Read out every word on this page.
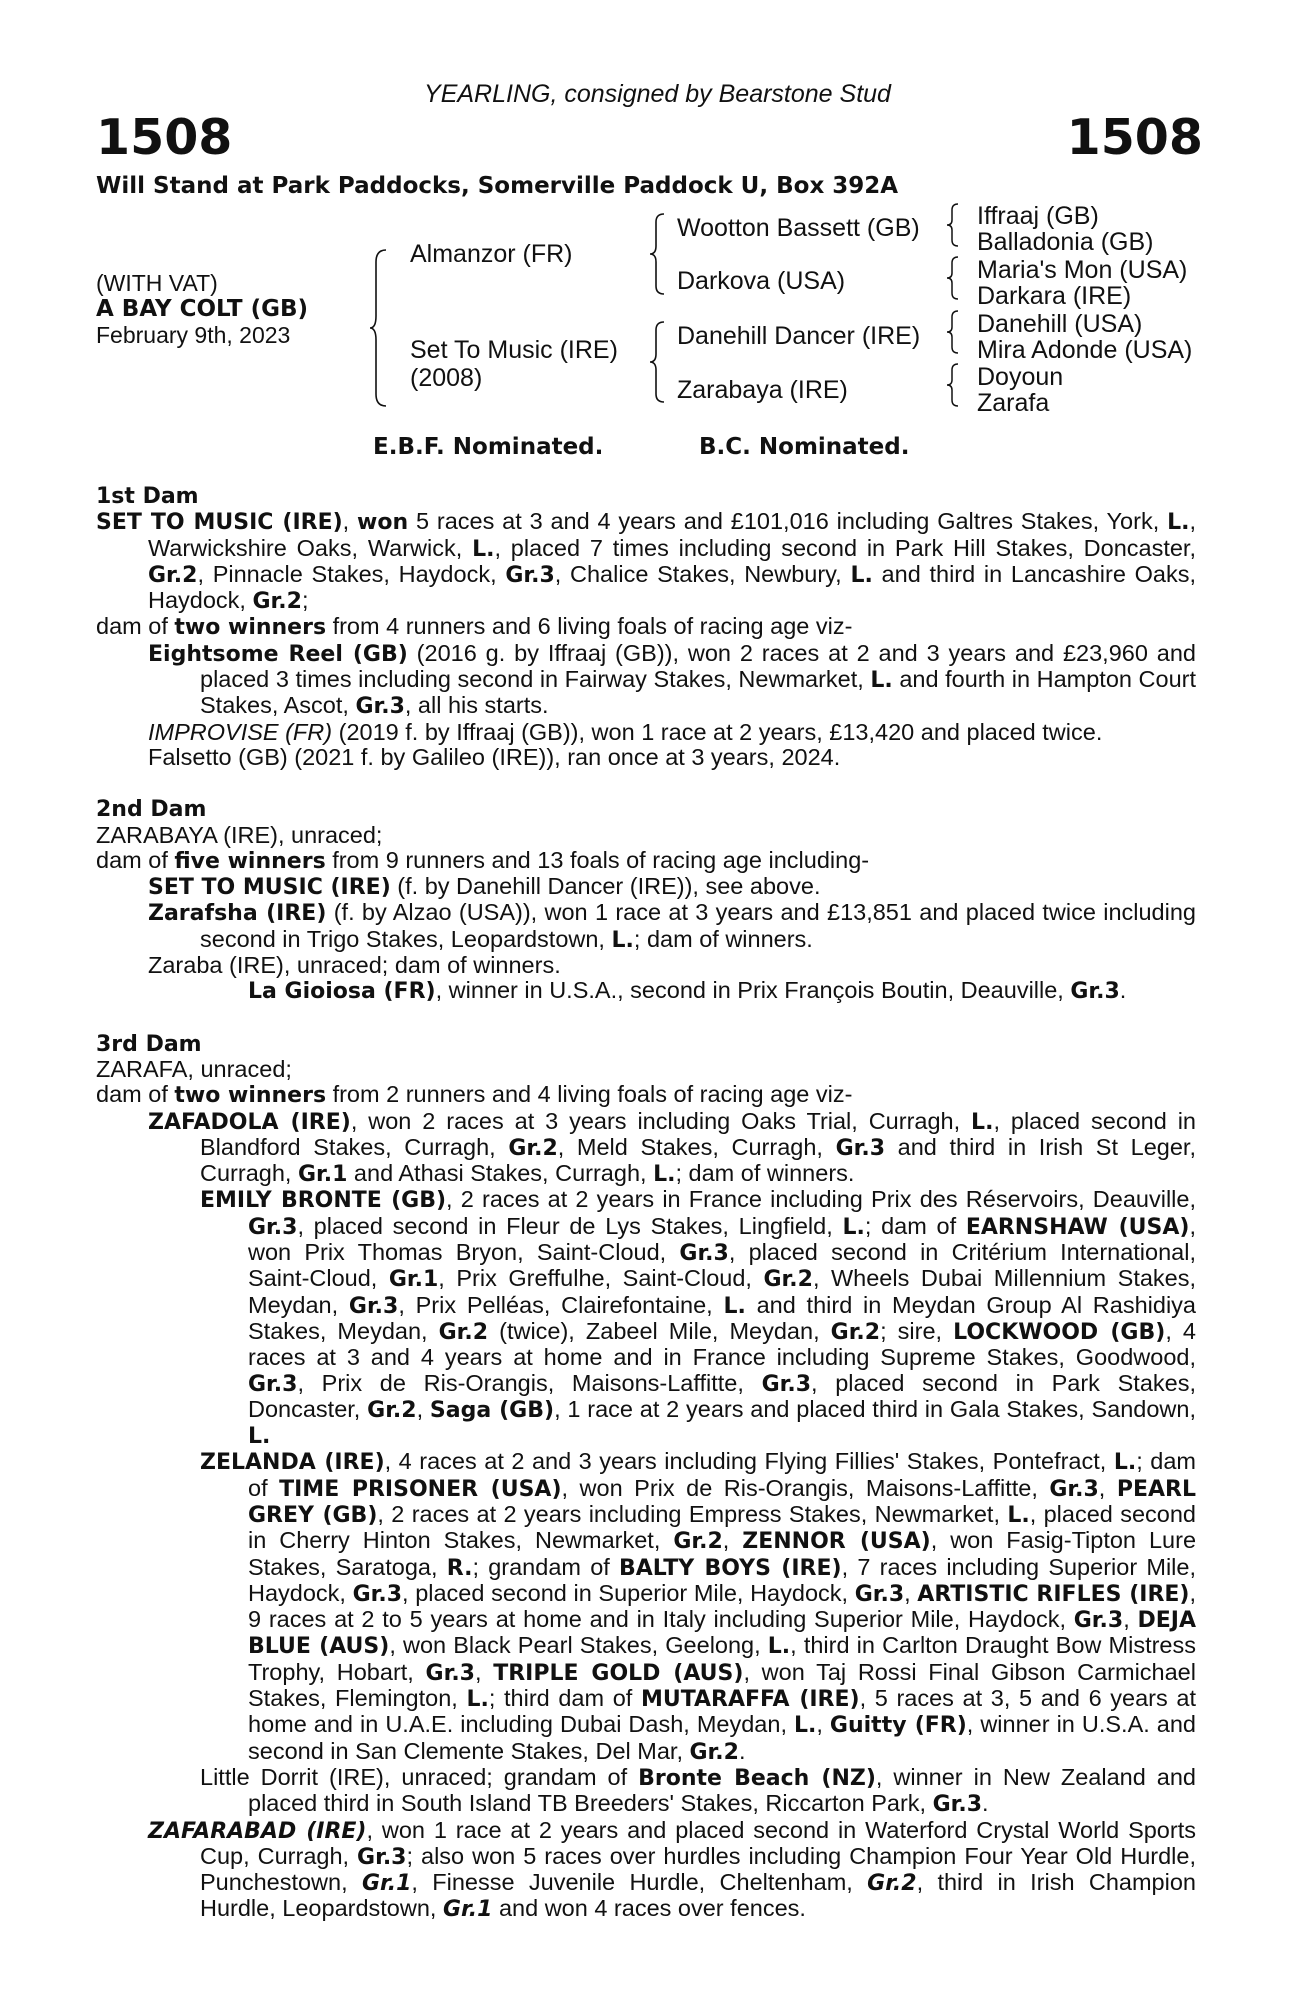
YEARLING, consigned by Bearstone Stud
1508	1508
Will Stand at Park Paddocks, Somerville Paddock U, Box 392A
(WITH VAT)
A BAY COLT (GB)
February 9th, 2023
Almanzor (FR)
Set To Music (IRE)
(2008)
Wootton Bassett (GB)
Darkova (USA)
Danehill Dancer (IRE)
Zarabaya (IRE)
Iffraaj (GB)
Balladonia (GB)
Maria's Mon (USA)
Darkara (IRE)
Danehill (USA)
Mira Adonde (USA)
Doyoun
Zarafa
E.B.F. Nominated.	B.C. Nominated.

1st Dam

SET TO MUSIC (IRE), won 5 races at 3 and 4 years and £101,016 including Galtres Stakes, York, L., Warwickshire Oaks, Warwick, L., placed 7 times including second in Park Hill Stakes, Doncaster, Gr.2, Pinnacle Stakes, Haydock, Gr.3, Chalice Stakes, Newbury, L. and third in Lancashire Oaks, Haydock, Gr.2;

dam of two winners from 4 runners and 6 living foals of racing age viz-

Eightsome Reel (GB) (2016 g. by Iffraaj (GB)), won 2 races at 2 and 3 years and £23,960 and placed 3 times including second in Fairway Stakes, Newmarket, L. and fourth in Hampton Court Stakes, Ascot, Gr.3, all his starts.

IMPROVISE (FR) (2019 f. by Iffraaj (GB)), won 1 race at 2 years, £13,420 and placed twice.

Falsetto (GB) (2021 f. by Galileo (IRE)), ran once at 3 years, 2024.

2nd Dam

ZARABAYA (IRE), unraced;

dam of five winners from 9 runners and 13 foals of racing age including-

SET TO MUSIC (IRE) (f. by Danehill Dancer (IRE)), see above.

Zarafsha (IRE) (f. by Alzao (USA)), won 1 race at 3 years and £13,851 and placed twice including second in Trigo Stakes, Leopardstown, L.; dam of winners.

Zaraba (IRE), unraced; dam of winners.

La Gioiosa (FR), winner in U.S.A., second in Prix François Boutin, Deauville, Gr.3.

3rd Dam

ZARAFA, unraced;

dam of two winners from 2 runners and 4 living foals of racing age viz-

ZAFADOLA (IRE), won 2 races at 3 years including Oaks Trial, Curragh, L., placed second in Blandford Stakes, Curragh, Gr.2, Meld Stakes, Curragh, Gr.3 and third in Irish St Leger, Curragh, Gr.1 and Athasi Stakes, Curragh, L.; dam of winners.

EMILY BRONTE (GB), 2 races at 2 years in France including Prix des Réservoirs, Deauville, Gr.3, placed second in Fleur de Lys Stakes, Lingfield, L.; dam of EARNSHAW (USA), won Prix Thomas Bryon, Saint-Cloud, Gr.3, placed second in Critérium International, Saint-Cloud, Gr.1, Prix Greffulhe, Saint-Cloud, Gr.2, Wheels Dubai Millennium Stakes, Meydan, Gr.3, Prix Pelléas, Clairefontaine, L. and third in Meydan Group Al Rashidiya Stakes, Meydan, Gr.2 (twice), Zabeel Mile, Meydan, Gr.2; sire, LOCKWOOD (GB), 4 races at 3 and 4 years at home and in France including Supreme Stakes, Goodwood, Gr.3, Prix de Ris-Orangis, Maisons-Laffitte, Gr.3, placed second in Park Stakes, Doncaster, Gr.2, Saga (GB), 1 race at 2 years and placed third in Gala Stakes, Sandown, L.

ZELANDA (IRE), 4 races at 2 and 3 years including Flying Fillies' Stakes, Pontefract, L.; dam of TIME PRISONER (USA), won Prix de Ris-Orangis, Maisons-Laffitte, Gr.3, PEARL GREY (GB), 2 races at 2 years including Empress Stakes, Newmarket, L., placed second in Cherry Hinton Stakes, Newmarket, Gr.2, ZENNOR (USA), won Fasig-Tipton Lure Stakes, Saratoga, R.; grandam of BALTY BOYS (IRE), 7 races including Superior Mile, Haydock, Gr.3, placed second in Superior Mile, Haydock, Gr.3, ARTISTIC RIFLES (IRE), 9 races at 2 to 5 years at home and in Italy including Superior Mile, Haydock, Gr.3, DEJA BLUE (AUS), won Black Pearl Stakes, Geelong, L., third in Carlton Draught Bow Mistress Trophy, Hobart, Gr.3, TRIPLE GOLD (AUS), won Taj Rossi Final Gibson Carmichael Stakes, Flemington, L.; third dam of MUTARAFFA (IRE), 5 races at 3, 5 and 6 years at home and in U.A.E. including Dubai Dash, Meydan, L., Guitty (FR), winner in U.S.A. and second in San Clemente Stakes, Del Mar, Gr.2.

Little Dorrit (IRE), unraced; grandam of Bronte Beach (NZ), winner in New Zealand and placed third in South Island TB Breeders' Stakes, Riccarton Park, Gr.3.

ZAFARABAD (IRE), won 1 race at 2 years and placed second in Waterford Crystal World Sports Cup, Curragh, Gr.3; also won 5 races over hurdles including Champion Four Year Old Hurdle, Punchestown, Gr.1, Finesse Juvenile Hurdle, Cheltenham, Gr.2, third in Irish Champion Hurdle, Leopardstown, Gr.1 and won 4 races over fences.
